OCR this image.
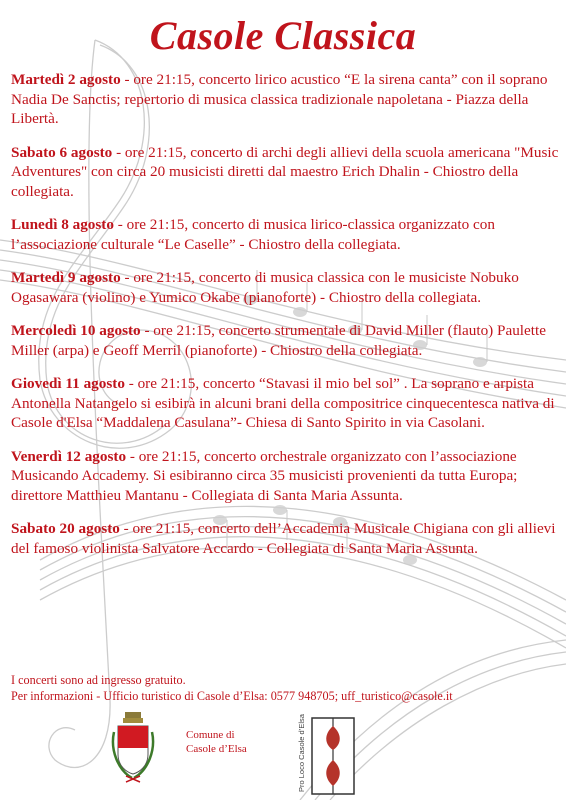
Casole Classica
Martedì 2 agosto - ore 21:15, concerto lirico acustico “E la sirena canta” con il soprano Nadia De Sanctis; repertorio di musica classica tradizionale napoletana - Piazza della Libertà.
Sabato 6 agosto - ore 21:15, concerto di archi degli allievi della scuola americana "Music Adventures" con circa 20 musicisti diretti dal maestro Erich Dhalin - Chiostro della collegiata.
Lunedì 8 agosto - ore 21:15, concerto di musica lirico-classica organizzato con l’associazione culturale “Le Caselle” - Chiostro della collegiata.
Martedì 9 agosto - ore 21:15, concerto di musica classica con le musiciste Nobuko Ogasawara (violino) e Yumico Okabe (pianoforte) - Chiostro della collegiata.
Mercoledì 10 agosto - ore 21:15, concerto strumentale di David Miller (flauto) Paulette Miller (arpa) e Geoff Merril (pianoforte) - Chiostro della collegiata.
Giovedì 11 agosto - ore 21:15, concerto “Stavasi il mio bel sol” . La soprano e arpista Antonella Natangelo si esibirà in alcuni brani della compositrice cinquecentesca nativa di Casole d'Elsa “Maddalena Casulana”- Chiesa di Santo Spirito in via Casolani.
Venerdì 12 agosto - ore 21:15, concerto orchestrale organizzato con l’associazione Musicando Accademy. Si esibiranno circa 35 musicisti provenienti da tutta Europa; direttore Matthieu Mantanu - Collegiata di Santa Maria Assunta.
Sabato 20 agosto - ore 21:15, concerto dell’Accademia Musicale Chigiana con gli allievi del famoso violinista Salvatore Accardo - Collegiata di Santa Maria Assunta.
I concerti sono ad ingresso gratuito.
Per informazioni - Ufficio turistico di Casole d’Elsa: 0577 948705; uff_turistico@casole.it
Comune di
Casole d’Elsa	Pro Loco Casole d’Elsa
